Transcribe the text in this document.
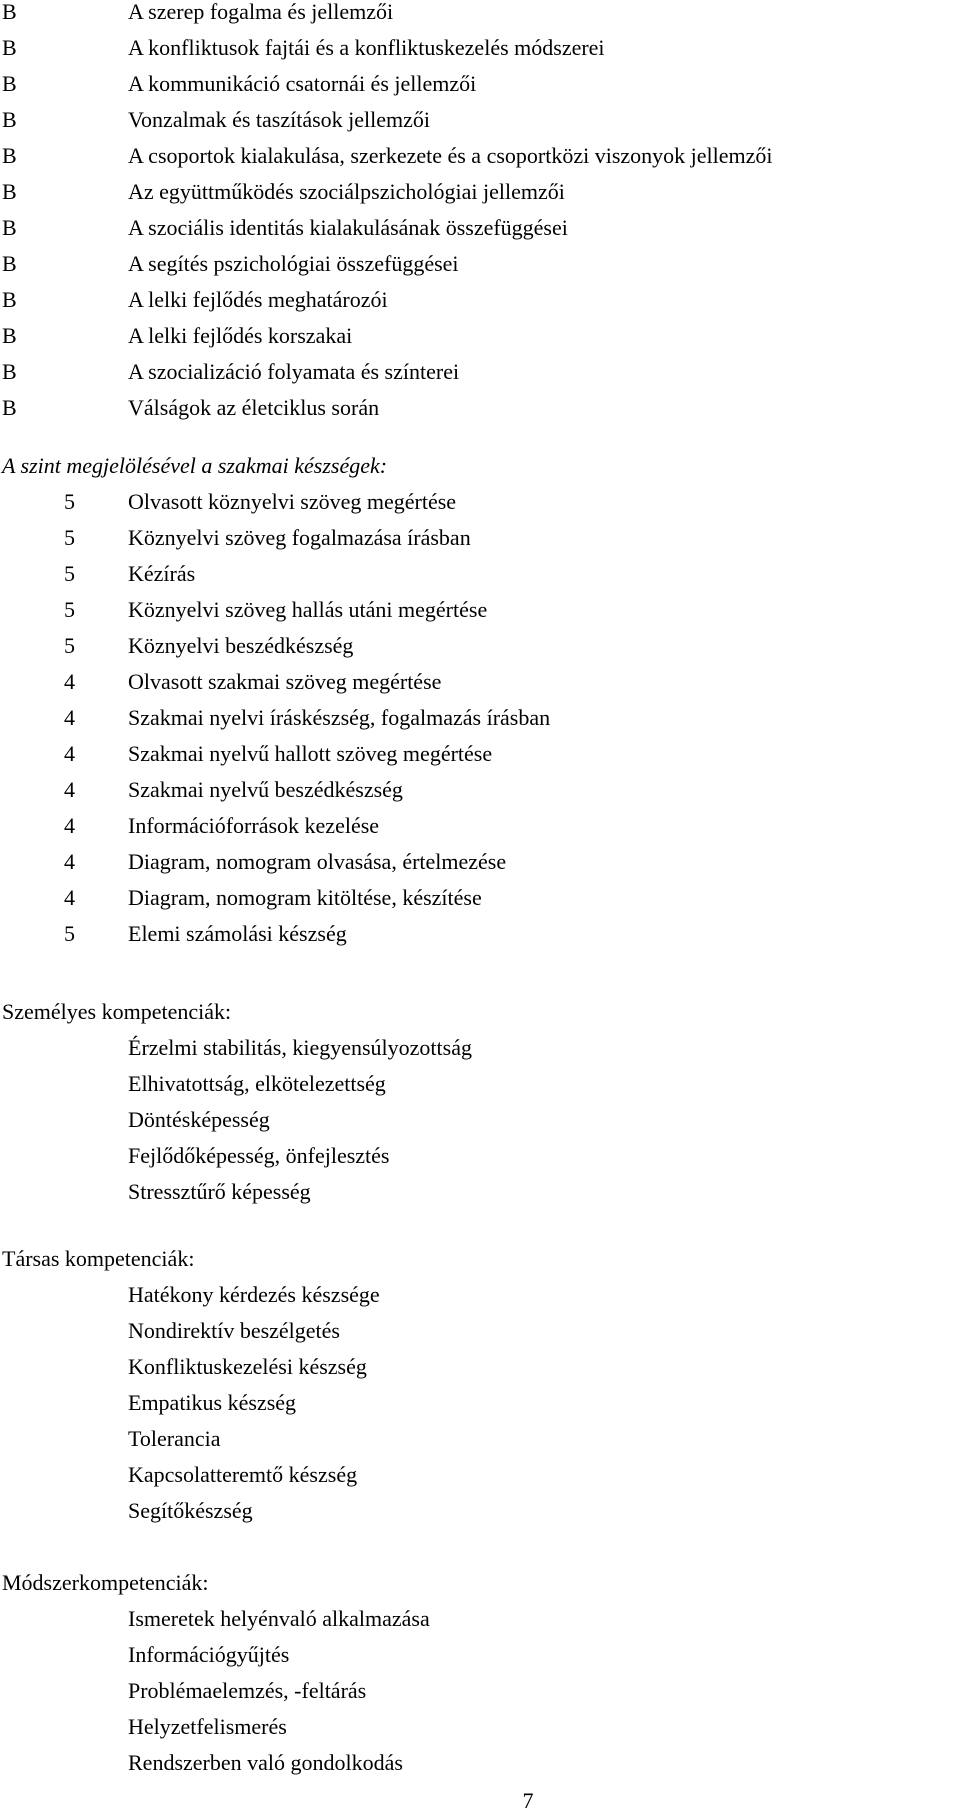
B	A szerep fogalma és jellemzői
B	A konfliktusok fajtái és a konfliktuskezelés módszerei
B	A kommunikáció csatornái és jellemzői
B	Vonzalmak és taszítások jellemzői
B	A csoportok kialakulása, szerkezete és a csoportközi viszonyok jellemzői
B	Az együttműködés szociálpszichológiai jellemzői
B	A szociális identitás kialakulásának összefüggései
B	A segítés pszichológiai összefüggései
B	A lelki fejlődés meghatározói
B	A lelki fejlődés korszakai
B	A szocializáció folyamata és színterei
B	Válságok az életciklus során
A szint megjelölésével a szakmai készségek:
5 Olvasott köznyelvi szöveg megértése
5 Köznyelvi szöveg fogalmazása írásban
5 Kézírás
5 Köznyelvi szöveg hallás utáni megértése
5 Köznyelvi beszédkészség
4 Olvasott szakmai szöveg megértése
4 Szakmai nyelvi íráskészség, fogalmazás írásban
4 Szakmai nyelvű hallott szöveg megértése
4 Szakmai nyelvű beszédkészség
4 Információforrások kezelése
4 Diagram, nomogram olvasása, értelmezése
4 Diagram, nomogram kitöltése, készítése
5 Elemi számolási készség
Személyes kompetenciák:
Érzelmi stabilitás, kiegyensúlyozottság
Elhivatottság, elkötelezettség
Döntésképesség
Fejlődőképesség, önfejlesztés
Stressztűrő képesség
Társas kompetenciák:
Hatékony kérdezés készsége
Nondirektív beszélgetés
Konfliktuskezelési készség
Empatikus készség
Tolerancia
Kapcsolatteremtő készség
Segítőkészség
Módszerkompetenciák:
Ismeretek helyénvaló alkalmazása
Információgyűjtés
Problémaelemzés, -feltárás
Helyzetfelismerés
Rendszerben való gondolkodás
7
